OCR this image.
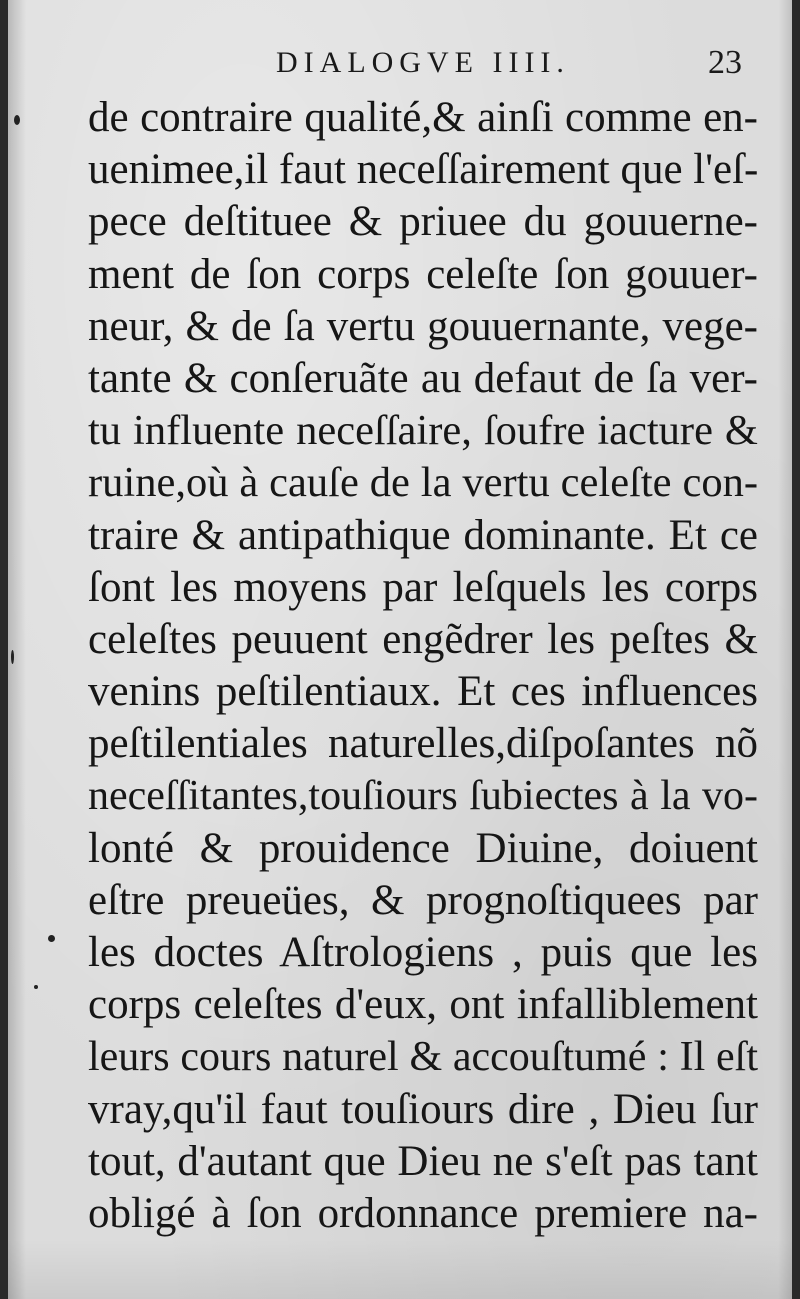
DIALOGVE IIII.	23
de contraire qualité,& ainſi comme en-
uenimee,il faut neceſſairement que l'eſ-
pece deſtituee & priuee du gouuerne-
ment de ſon corps celeſte ſon gouuer-
neur, & de ſa vertu gouuernante, vege-
tante & conſeruãte au defaut de ſa ver-
tu influente neceſſaire, ſoufre iacture &
ruine,où à cauſe de la vertu celeſte con-
traire & antipathique dominante. Et ce
ſont les moyens par leſquels les corps
celeſtes peuuent engẽdrer les peſtes &
venins peſtilentiaux. Et ces influences
peſtilentiales naturelles,diſpoſantes nõ
neceſſitantes,touſiours ſubiectes à la vo-
lonté & prouidence Diuine, doiuent
eſtre preueües, & prognoſtiquees par
les doctes Aſtrologiens , puis que les
corps celeſtes d'eux, ont infalliblement
leurs cours naturel & accouſtumé : Il eſt
vray,qu'il faut touſiours dire , Dieu ſur
tout, d'autant que Dieu ne s'eſt pas tant
obligé à ſon ordonnance premiere na-
